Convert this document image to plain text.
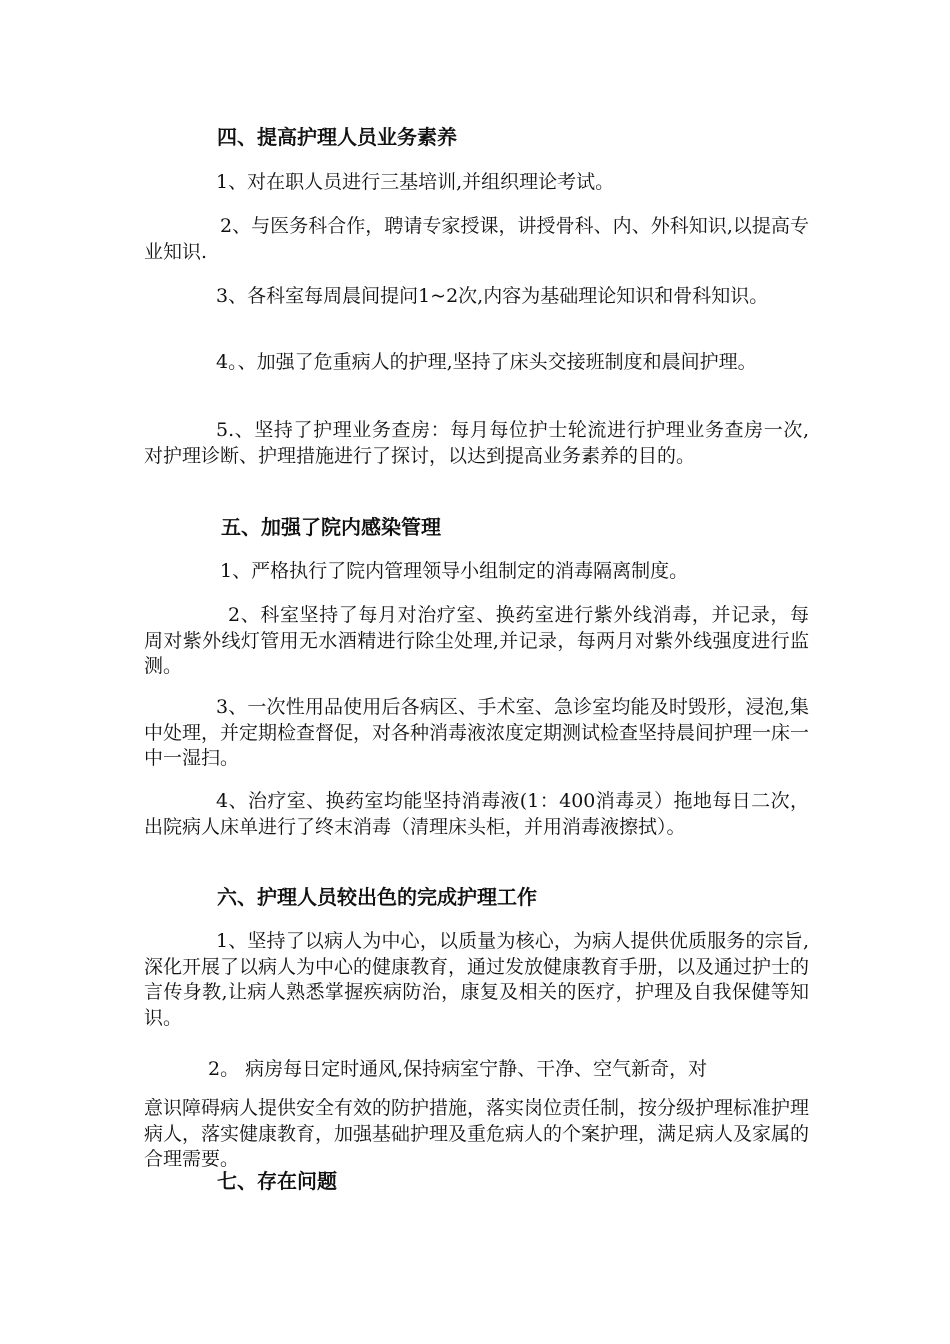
四、提高护理人员业务素养

1、对在职人员进行三基培训,并组织理论考试。

2、与医务科合作，聘请专家授课，讲授骨科、内、外科知识,以提高专业知识.

3、各科室每周晨间提问1~2次,内容为基础理论知识和骨科知识。

4。、加强了危重病人的护理,坚持了床头交接班制度和晨间护理。

5.、坚持了护理业务查房：每月每位护士轮流进行护理业务查房一次,对护理诊断、护理措施进行了探讨，以达到提高业务素养的目的。

五、加强了院内感染管理

1、严格执行了院内管理领导小组制定的消毒隔离制度。

2、科室坚持了每月对治疗室、换药室进行紫外线消毒，并记录，每周对紫外线灯管用无水酒精进行除尘处理,并记录，每两月对紫外线强度进行监测。

3、一次性用品使用后各病区、手术室、急诊室均能及时毁形，浸泡,集中处理，并定期检查督促，对各种消毒液浓度定期测试检查坚持晨间护理一床一中一湿扫。

4、治疗室、换药室均能坚持消毒液(1：400消毒灵）拖地每日二次，出院病人床单进行了终末消毒（清理床头柜，并用消毒液擦拭）。

六、护理人员较出色的完成护理工作

1、坚持了以病人为中心，以质量为核心，为病人提供优质服务的宗旨,深化开展了以病人为中心的健康教育，通过发放健康教育手册，以及通过护士的言传身教,让病人熟悉掌握疾病防治，康复及相关的医疗，护理及自我保健等知识。

2。 病房每日定时通风,保持病室宁静、干净、空气新奇，对

意识障碍病人提供安全有效的防护措施，落实岗位责任制，按分级护理标准护理病人，落实健康教育，加强基础护理及重危病人的个案护理，满足病人及家属的合理需要。

七、存在问题
